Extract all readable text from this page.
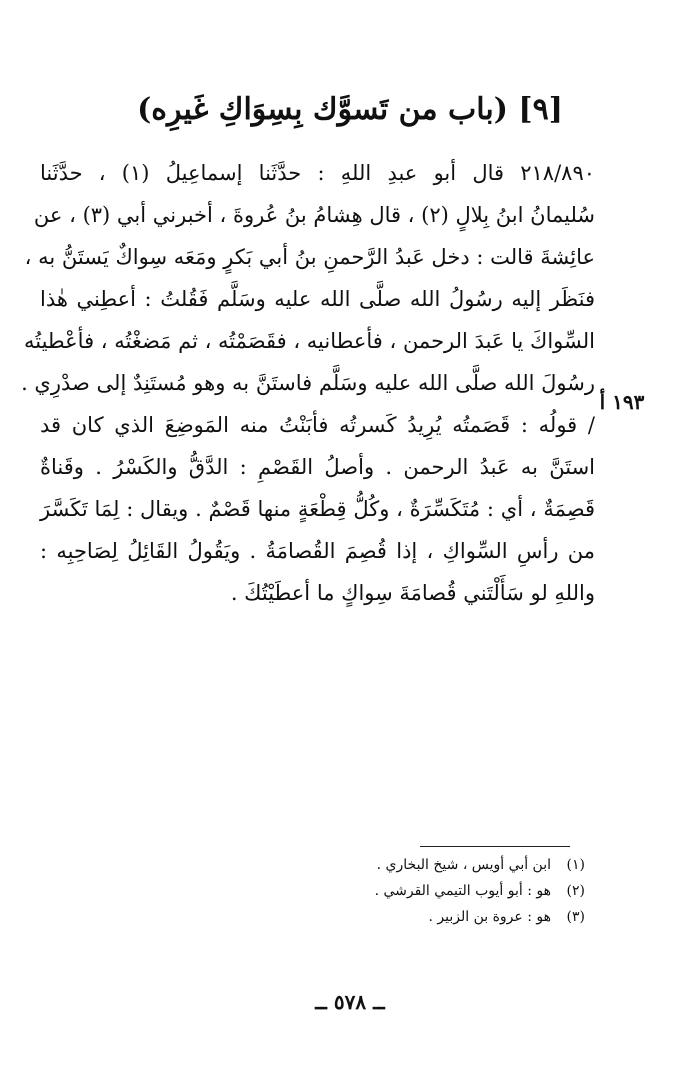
[٩] (باب من تَسوَّك بِسِوَاكِ غَيرِه)
١٩٣ أ
٢١٨/٨٩٠ قال أبو عبدِ اللهِ : حدَّثَنا إسماعِيلُ (١) ، حدَّثَنا
سُليمانُ ابنُ بِلالٍ (٢) ، قال هِشامُ بنُ عُروةَ ، أخبرني أبي (٣) ، عن
عائِشةَ قالت : دخل عَبدُ الرَّحمنِ بنُ أبي بَكرٍ ومَعَه سِواكٌ يَستَنُّ به ،
فنَظَر إليه رسُولُ الله صلَّى الله عليه وسَلَّم فَقُلتُ : أعطِني هٰذا
السِّواكَ يا عَبدَ الرحمن ، فأعطانيه ، فقَصَمْتُه ، ثم مَضغْتُه ، فأعْطيتُه
رسُولَ الله صلَّى الله عليه وسَلَّم فاستَنَّ به وهو مُستَنِدٌ إلى صدْرِي .
/ قولُه : قَصَمتُه يُرِيدُ كَسرتُه فأبَنْتُ منه المَوضِعَ الذي كان قد
استَنَّ به عَبدُ الرحمن . وأصلُ القَصْمِ : الدَّقُّ والكَسْرُ . وقَناةٌ
قَصِمَةٌ ، أي : مُتَكَسِّرَةٌ ، وكُلُّ قِطْعَةٍ منها قَصْمٌ . ويقال : لِمَا تَكَسَّرَ
من رأسِ السِّواكِ ، إذا قُصِمَ القُصامَةُ . ويَقُولُ القَائِلُ لِصَاحِبِه :
واللهِ لو سَأَلْتَني قُصامَةَ سِواكٍ ما أعطَيْتُكَ .
(١)
ابن أبي أويس ، شيخ البخاري .
(٢)
هو : أبو أيوب التيمي القرشي .
(٣)
هو : عروة بن الزبير .
ــ ٥٧٨ ــ
